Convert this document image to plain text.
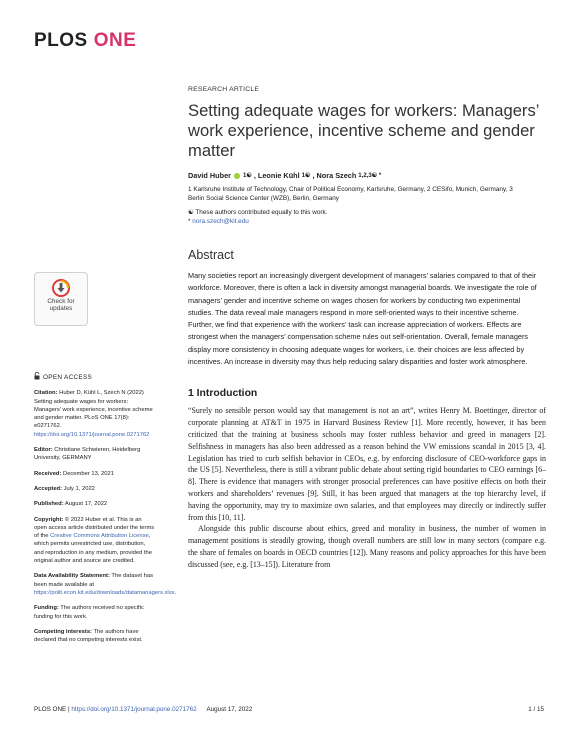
PLOS ONE
RESEARCH ARTICLE
Setting adequate wages for workers: Managers’ work experience, incentive scheme and gender matter
David Huber 1☯ , Leonie Kühl 1☯ , Nora Szech 1,2,3☯ *
1 Karlsruhe Institute of Technology, Chair of Political Economy, Karlsruhe, Germany, 2 CESifo, Munich, Germany, 3 Berlin Social Science Center (WZB), Berlin, Germany
☯ These authors contributed equally to this work.
* nora.szech@kit.edu
Abstract
Many societies report an increasingly divergent development of managers’ salaries compared to that of their workforce. Moreover, there is often a lack in diversity amongst managerial boards. We investigate the role of managers’ gender and incentive scheme on wages chosen for workers by conducting two experimental studies. The data reveal male managers respond in more self-oriented ways to their incentive scheme. Further, we find that experience with the workers’ task can increase appreciation of workers. Effects are strongest when the managers’ compensation scheme rules out self-orientation. Overall, female managers display more consistency in choosing adequate wages for workers, i.e. their choices are less affected by incentives. An increase in diversity may thus help reducing salary disparities and foster work atmosphere.
1 Introduction

“Surely no sensible person would say that management is not an art”, writes Henry M. Boettinger, director of corporate planning at AT&T in 1975 in Harvard Business Review [1]. More recently, however, it has been criticized that the training at business schools may foster ruthless behavior and greed in managers [2]. Selfishness in managers has also been addressed as a reason behind the VW emissions scandal in 2015 [3, 4]. Legislation has tried to curb selfish behavior in CEOs, e.g. by enforcing disclosure of CEO-workforce gaps in the US [5]. Nevertheless, there is still a vibrant public debate about setting rigid boundaries to CEO earnings [6–8]. There is evidence that managers with stronger prosocial preferences can have positive effects on both their workers and shareholders’ revenues [9]. Still, it has been argued that managers at the top hierarchy level, if having the opportunity, may try to maximize own salaries, and that employees may directly or indirectly suffer from this [10, 11].

Alongside this public discourse about ethics, greed and morality in business, the number of women in management positions is steadily growing, though overall numbers are still low in many sectors (compare e.g. the share of females on boards in OECD countries [12]). Many reasons and policy approaches for this have been discussed (see, e.g. [13–15]). Literature from

Check for
updates
OPEN ACCESS

Citation: Huber D, Kühl L, Szech N (2022) Setting adequate wages for workers: Managers’ work experience, incentive scheme and gender matter. PLoS ONE 17(8): e0271762. https://doi.org/10.1371/journal.pone.0271762

Editor: Christiane Schwieren, Heidelberg University, GERMANY

Received: December 13, 2021

Accepted: July 1, 2022

Published: August 17, 2022

Copyright: © 2022 Huber et al. This is an open access article distributed under the terms of the Creative Commons Attribution License, which permits unrestricted use, distribution, and reproduction in any medium, provided the original author and source are credited.

Data Availability Statement: The dataset has been made available at https://polit.econ.kit.edu/downloads/datamanagers.xlsx.

Funding: The authors received no specific funding for this work.

Competing interests: The authors have declared that no competing interests exist.

PLOS ONE | https://doi.org/10.1371/journal.pone.0271762 August 17, 2022	1 / 15
